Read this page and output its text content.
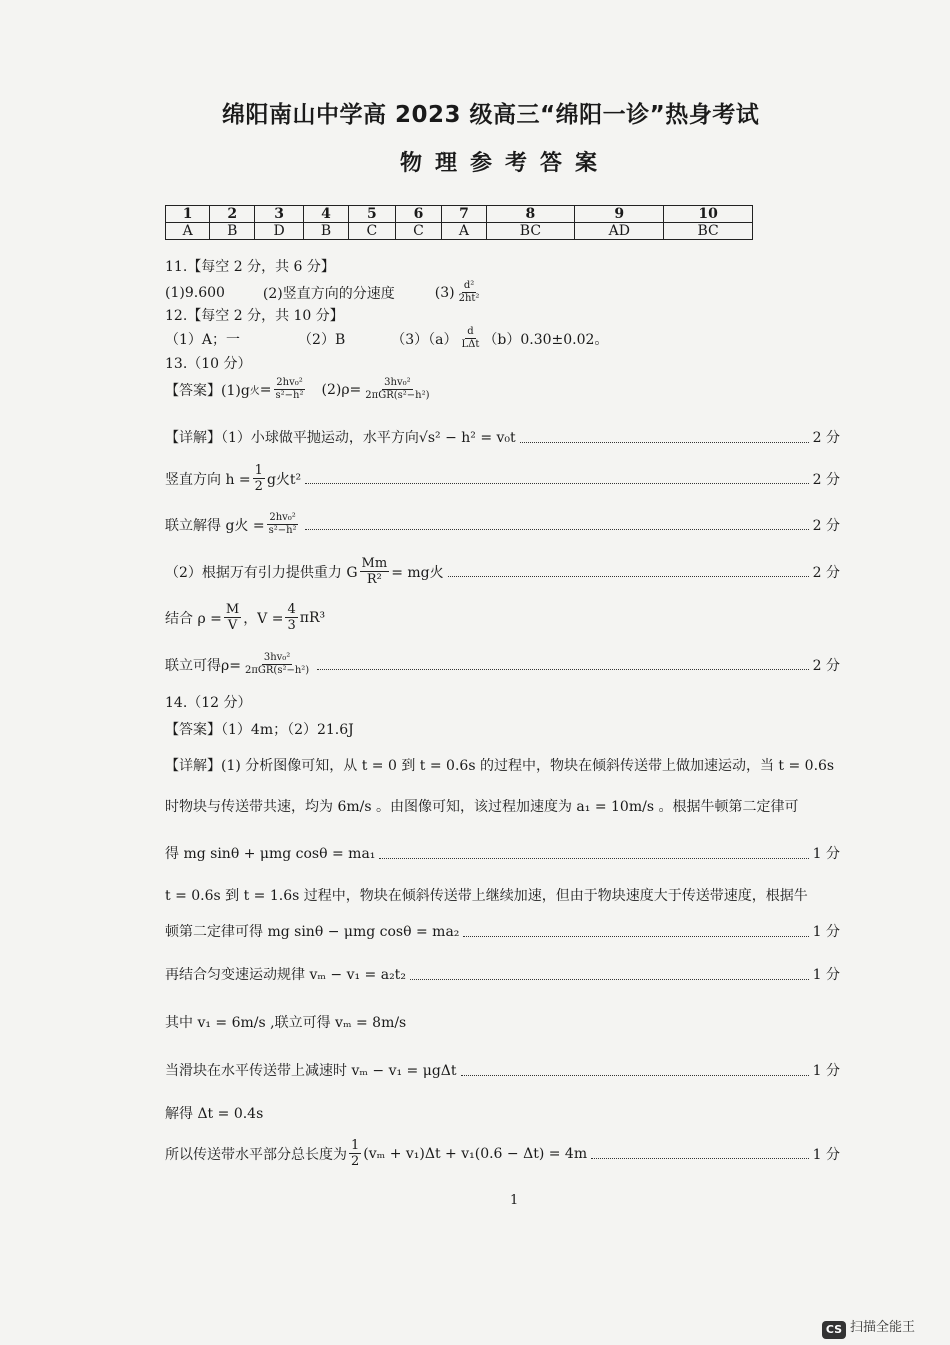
绵阳南山中学高 2023 级高三“绵阳一诊”热身考试
物理参考答案
1	2	3	4	5	6	7	8	9	10
A	B	D	B	C	C	A	BC	AD	BC
11.【每空 2 分，共 6 分】
(1)9.600	(2)竖直方向的分速度	$(3) \frac{\text{d²}}{\text{2ht²}}$
12.【每空 2 分，共 10 分】
（1）A；一	（2）B	$(3)(a) \frac{d}{\text{LΔt}} (b)0.30\pm 0.02$。
13.（10 分）
【答案】(1)g 火 = $\frac{\text{2hv₀²}}{\text{s²−h²}} (2)\rho= \frac{\text{3hv₀²}}{\text{2πGR(s²−h²)}}$
【详解】（1）小球做平抛运动，水平方向√s² − h² = v₀t	2 分
竖直方向 $h = \frac{1}{2}$ g火t²	2 分
联立解得 g火 = $\frac{\text{2hv₀²}}{\text{s²−h²}}$	2 分
（2）根据万有引力提供重力 G $\frac{Mm}{\text{R²}}$ = mg火	2 分
结合 $\rho = \frac{M}{V}$ ，$V = \frac{4}{3} \pi R^3$
联立可得$\rho= \frac{\text{3hv₀²}}{\text{2πGR(s²−h²)}}$	2 分
14.（12 分）
【答案】（1）4m；（2）21.6J
【详解】(1) 分析图像可知，从 t = 0 到 t = 0.6s 的过程中，物块在倾斜传送带上做加速运动，当 t = 0.6s
时物块与传送带共速，均为 6m/s 。由图像可知，该过程加速度为 a₁ = 10m/s 。根据牛顿第二定律可
得 mg sinθ + μmg cosθ = ma₁	1 分
t = 0.6s 到 t = 1.6s 过程中，物块在倾斜传送带上继续加速，但由于物块速度大于传送带速度，根据牛
顿第二定律可得 mg sinθ − μmg cosθ = ma₂	1 分
再结合匀变速运动规律 vₘ − v₁ = a₂t₂	1 分
其中 v₁ = 6m/s ,联立可得 vₘ = 8m/s
当滑块在水平传送带上减速时 vₘ − v₁ = μgΔt	1 分
解得 Δt = 0.4s
所以传送带水平部分总长度为 $\frac{1}{2} (v_m + v_1)\Delta t + v_1(0.6 - \Delta t) = 4m$	1 分
1
CS 扫描全能王
